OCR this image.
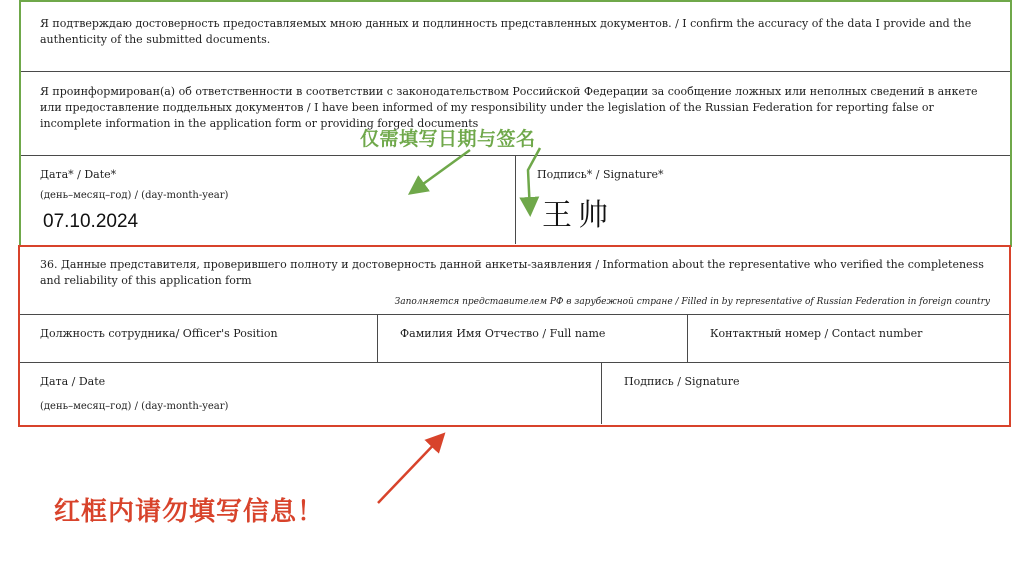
Я подтверждаю достоверность предоставляемых мною данных и подлинность представленных документов. / I confirm the accuracy of the data I provide and the authenticity of the submitted documents.
Я проинформирован(а) об ответственности в соответствии с законодательством Российской Федерации за сообщение ложных или неполных сведений в анкете или предоставление поддельных документов / I have been informed of my responsibility under the legislation of the Russian Federation for reporting false or incomplete information in the application form or providing forged documents
Дата* / Date*
(день–месяц–год) / (day-month-year)
07.10.2024
Подпись* / Signature*
王帅
36. Данные представителя, проверившего полноту и достоверность данной анкеты-заявления / Information about the representative who verified the completeness and reliability of this application form
Заполняется представителем РФ в зарубежной стране / Filled in by representative of Russian Federation in foreign country
Должность сотрудника/ Officer's Position	Фамилия Имя Отчество / Full name	Контактный номер / Contact number
Дата / Date
(день–месяц–год) / (day-month-year)
Подпись / Signature
仅需填写日期与签名
红框内请勿填写信息！
